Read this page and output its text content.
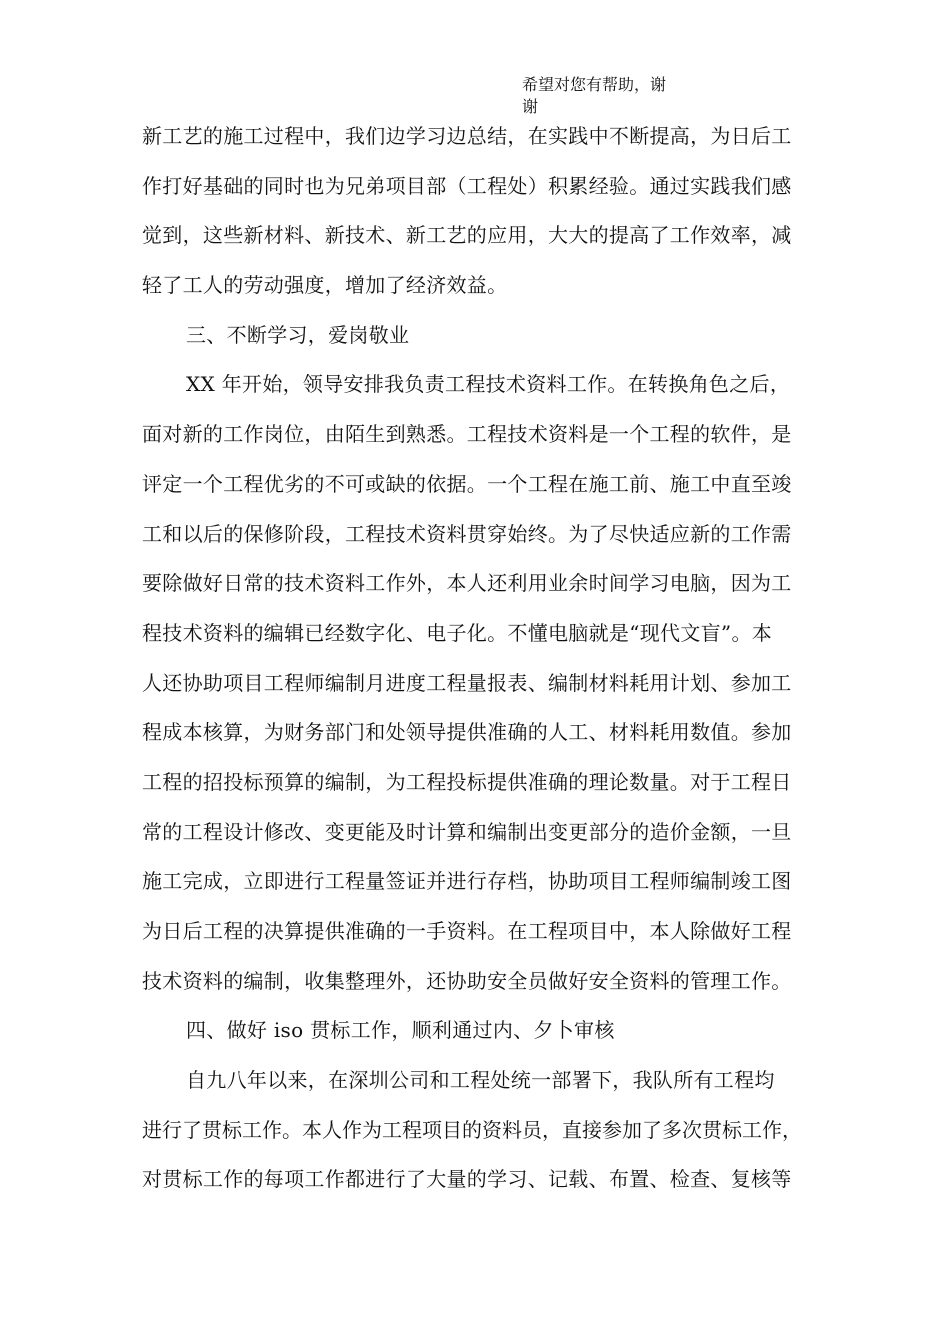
希望对您有帮助，谢
谢
新工艺的施工过程中，我们边学习边总结，在实践中不断提高，为日后工
作打好基础的同时也为兄弟项目部（工程处）积累经验。通过实践我们感
觉到，这些新材料、新技术、新工艺的应用，大大的提高了工作效率，减
轻了工人的劳动强度，增加了经济效益。
三、不断学习，爱岗敬业
XX 年开始，领导安排我负责工程技术资料工作。在转换角色之后，
面对新的工作岗位，由陌生到熟悉。工程技术资料是一个工程的软件，是
评定一个工程优劣的不可或缺的依据。一个工程在施工前、施工中直至竣
工和以后的保修阶段，工程技术资料贯穿始终。为了尽快适应新的工作需
要除做好日常的技术资料工作外，本人还利用业余时间学习电脑，因为工
程技术资料的编辑已经数字化、电子化。不懂电脑就是“现代文盲”。本
人还协助项目工程师编制月进度工程量报表、编制材料耗用计划、参加工
程成本核算，为财务部门和处领导提供准确的人工、材料耗用数值。参加
工程的招投标预算的编制，为工程投标提供准确的理论数量。对于工程日
常的工程设计修改、变更能及时计算和编制出变更部分的造价金额，一旦
施工完成，立即进行工程量签证并进行存档，协助项目工程师编制竣工图
为日后工程的决算提供准确的一手资料。在工程项目中，本人除做好工程
技术资料的编制，收集整理外，还协助安全员做好安全资料的管理工作。
四、做好 iso 贯标工作，顺利通过内、夕卜审核
自九八年以来，在深圳公司和工程处统一部署下，我队所有工程均
进行了贯标工作。本人作为工程项目的资料员，直接参加了多次贯标工作，
对贯标工作的每项工作都进行了大量的学习、记载、布置、检查、复核等
